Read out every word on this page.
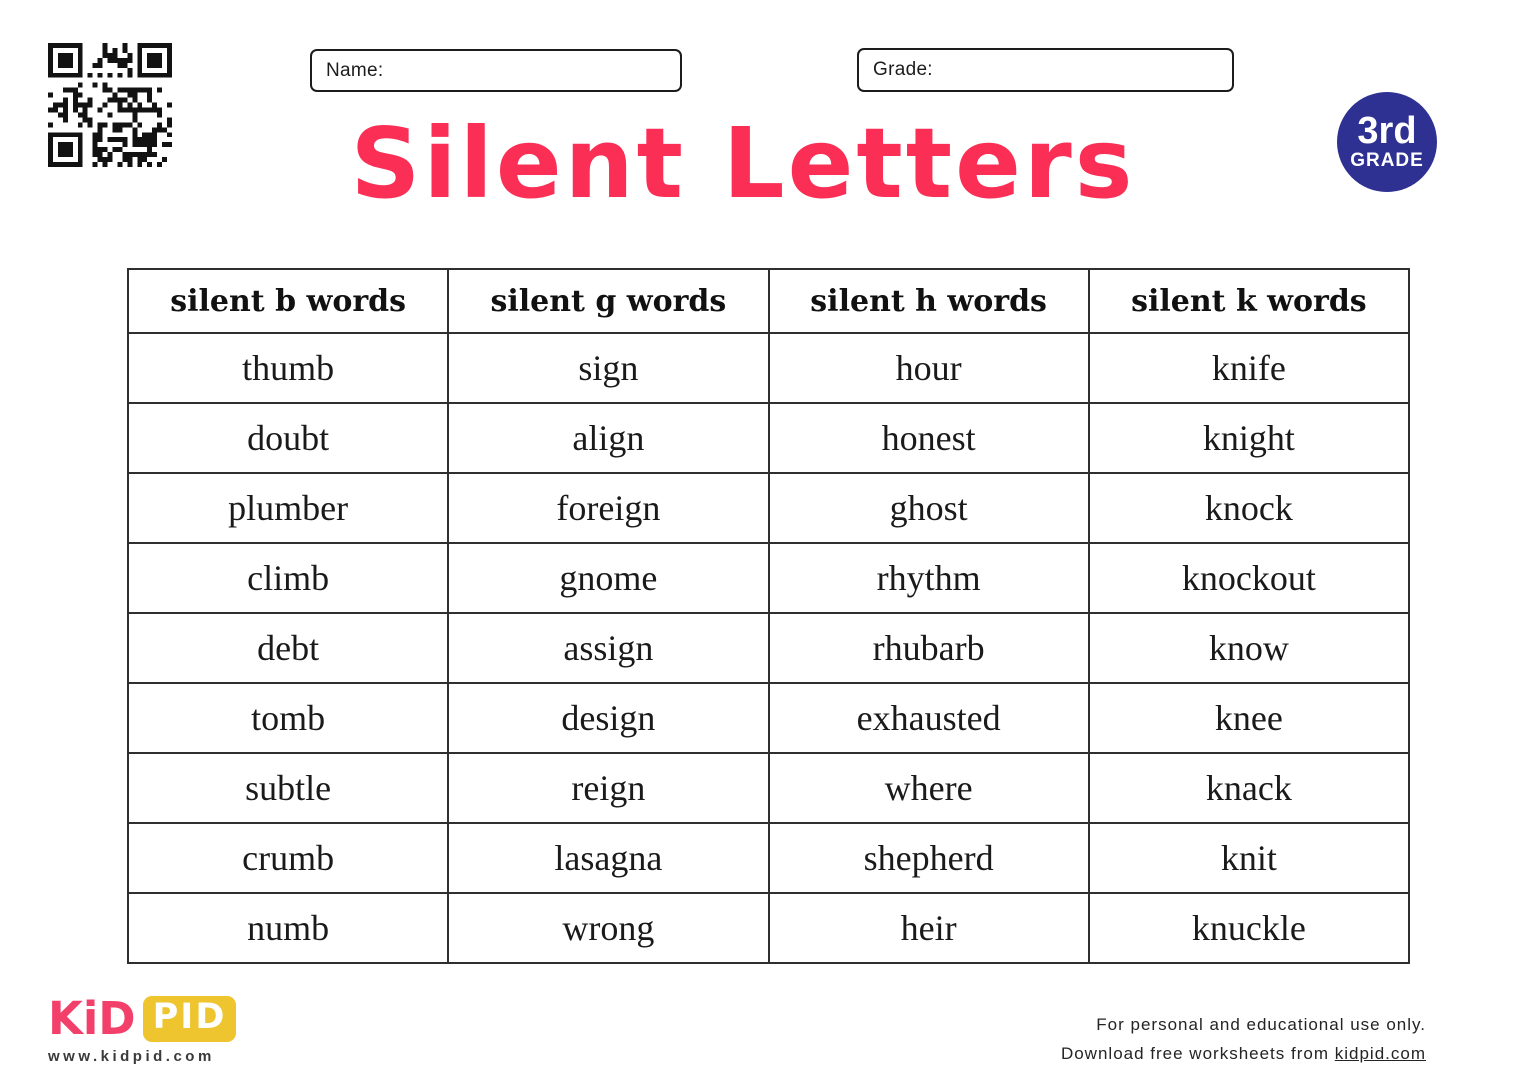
Name:	Grade:
Silent Letters	3rd
GRADE
silent b words	silent g words	silent h words	silent k words
thumb	sign	hour	knife
doubt	align	honest	knight
plumber	foreign	ghost	knock
climb	gnome	rhythm	knockout
debt	assign	rhubarb	know
tomb	design	exhausted	knee
subtle	reign	where	knack
crumb	lasagna	shepherd	knit
numb	wrong	heir	knuckle
KiD PID
www.kidpid.com
For personal and educational use only.
Download free worksheets from kidpid.com
